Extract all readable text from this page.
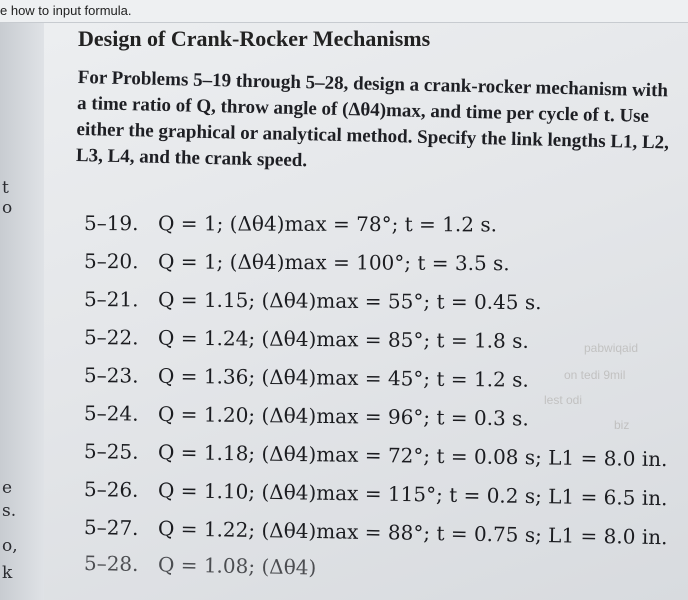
e how to input formula.
t
o
e
s.
o,
k
Design of Crank-Rocker Mechanisms

For Problems 5–19 through 5–28, design a crank-rocker mechanism with a time ratio of Q, throw angle of (Δθ4)max, and time per cycle of t. Use either the graphical or analytical method. Specify the link lengths L1, L2, L3, L4, and the crank speed.

pabwiqaid
on tedi 9mil
lest odi
biz
5–19. Q = 1; (Δθ4)max = 78°; t = 1.2 s.
5–20. Q = 1; (Δθ4)max = 100°; t = 3.5 s.
5–21. Q = 1.15; (Δθ4)max = 55°; t = 0.45 s.
5–22. Q = 1.24; (Δθ4)max = 85°; t = 1.8 s.
5–23. Q = 1.36; (Δθ4)max = 45°; t = 1.2 s.
5–24. Q = 1.20; (Δθ4)max = 96°; t = 0.3 s.
5–25. Q = 1.18; (Δθ4)max = 72°; t = 0.08 s; L1 = 8.0 in.
5–26. Q = 1.10; (Δθ4)max = 115°; t = 0.2 s; L1 = 6.5 in.
5–27. Q = 1.22; (Δθ4)max = 88°; t = 0.75 s; L1 = 8.0 in.
5–28. Q = 1.08; (Δθ4)
